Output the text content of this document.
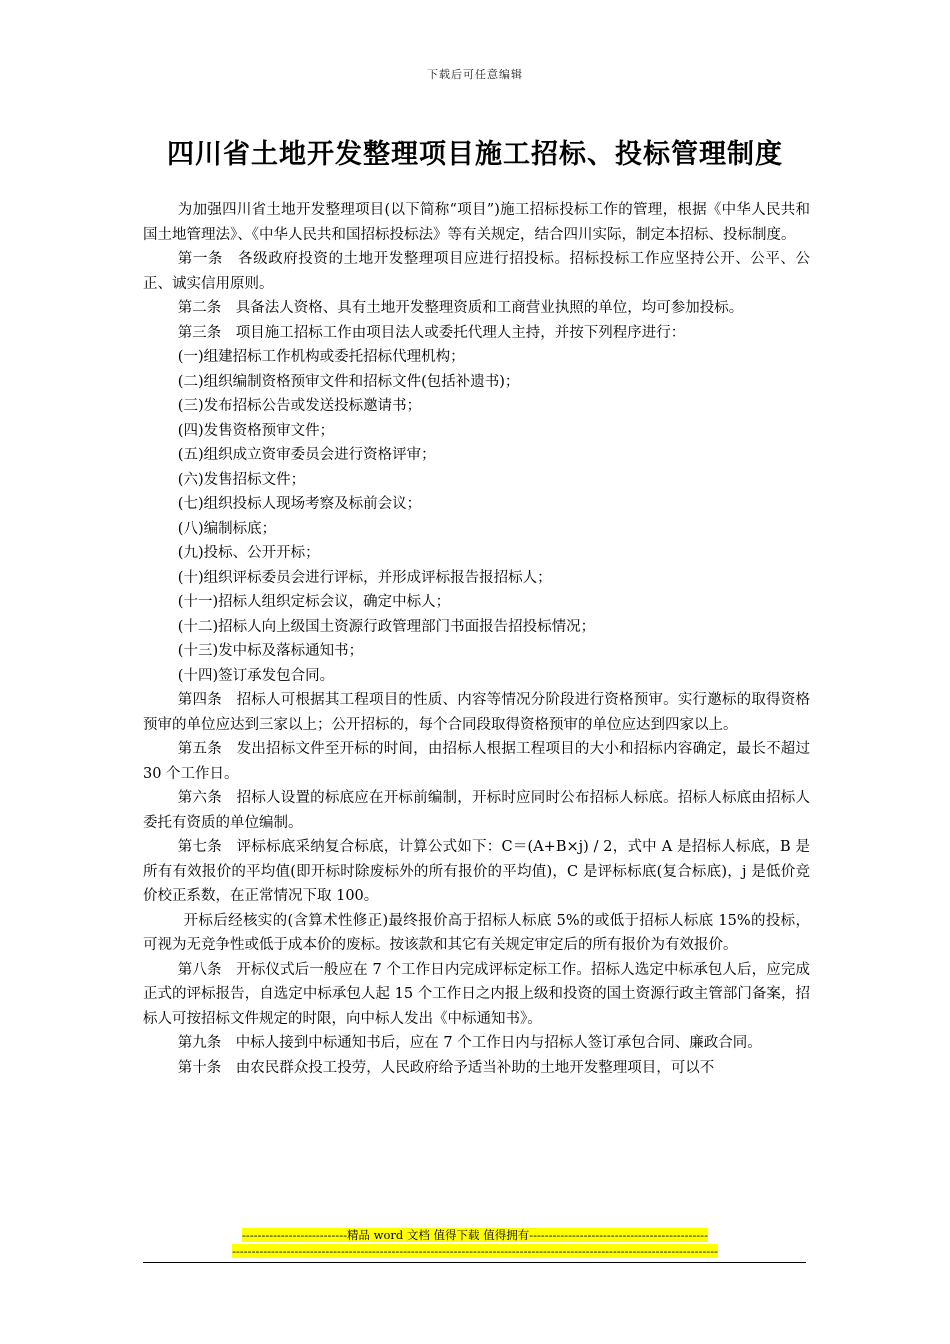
下载后可任意编辑
四川省土地开发整理项目施工招标、投标管理制度

为加强四川省土地开发整理项目(以下简称“项目”)施工招标投标工作的管理，根据《中华人民共和国土地管理法》、《中华人民共和国招标投标法》等有关规定，结合四川实际，制定本招标、投标制度。

第一条　各级政府投资的土地开发整理项目应进行招投标。招标投标工作应坚持公开、公平、公正、诚实信用原则。

第二条　具备法人资格、具有土地开发整理资质和工商营业执照的单位，均可参加投标。

第三条　项目施工招标工作由项目法人或委托代理人主持，并按下列程序进行：

(一)组建招标工作机构或委托招标代理机构；

(二)组织编制资格预审文件和招标文件(包括补遗书)；

(三)发布招标公告或发送投标邀请书；

(四)发售资格预审文件；

(五)组织成立资审委员会进行资格评审；

(六)发售招标文件；

(七)组织投标人现场考察及标前会议；

(八)编制标底；

(九)投标、公开开标；

(十)组织评标委员会进行评标，并形成评标报告报招标人；

(十一)招标人组织定标会议，确定中标人；

(十二)招标人向上级国土资源行政管理部门书面报告招投标情况；

(十三)发中标及落标通知书；

(十四)签订承发包合同。

第四条　招标人可根据其工程项目的性质、内容等情况分阶段进行资格预审。实行邀标的取得资格预审的单位应达到三家以上；公开招标的，每个合同段取得资格预审的单位应达到四家以上。

第五条　发出招标文件至开标的时间，由招标人根据工程项目的大小和招标内容确定，最长不超过 30 个工作日。

第六条　招标人设置的标底应在开标前编制，开标时应同时公布招标人标底。招标人标底由招标人委托有资质的单位编制。

第七条　评标标底采纳复合标底，计算公式如下：C＝(A+B×j) / 2，式中 A 是招标人标底，B 是所有有效报价的平均值(即开标时除废标外的所有报价的平均值)，C 是评标标底(复合标底)，j 是低价竞价校正系数，在正常情况下取 100。

开标后经核实的(含算术性修正)最终报价高于招标人标底 5%的或低于招标人标底 15%的投标，可视为无竞争性或低于成本价的废标。按该款和其它有关规定审定后的所有报价为有效报价。

第八条　开标仪式后一般应在 7 个工作日内完成评标定标工作。招标人选定中标承包人后，应完成正式的评标报告，自选定中标承包人起 15 个工作日之内报上级和投资的国土资源行政主管部门备案，招标人可按招标文件规定的时限，向中标人发出《中标通知书》。

第九条　中标人接到中标通知书后，应在 7 个工作日内与招标人签订承包合同、廉政合同。

第十条　由农民群众投工投劳，人民政府给予适当补助的土地开发整理项目，可以不

---------------------------精品 word 文档 值得下载 值得拥有----------------------------------------------
-----------------------------------------------------------------------------------------------------------------------------
